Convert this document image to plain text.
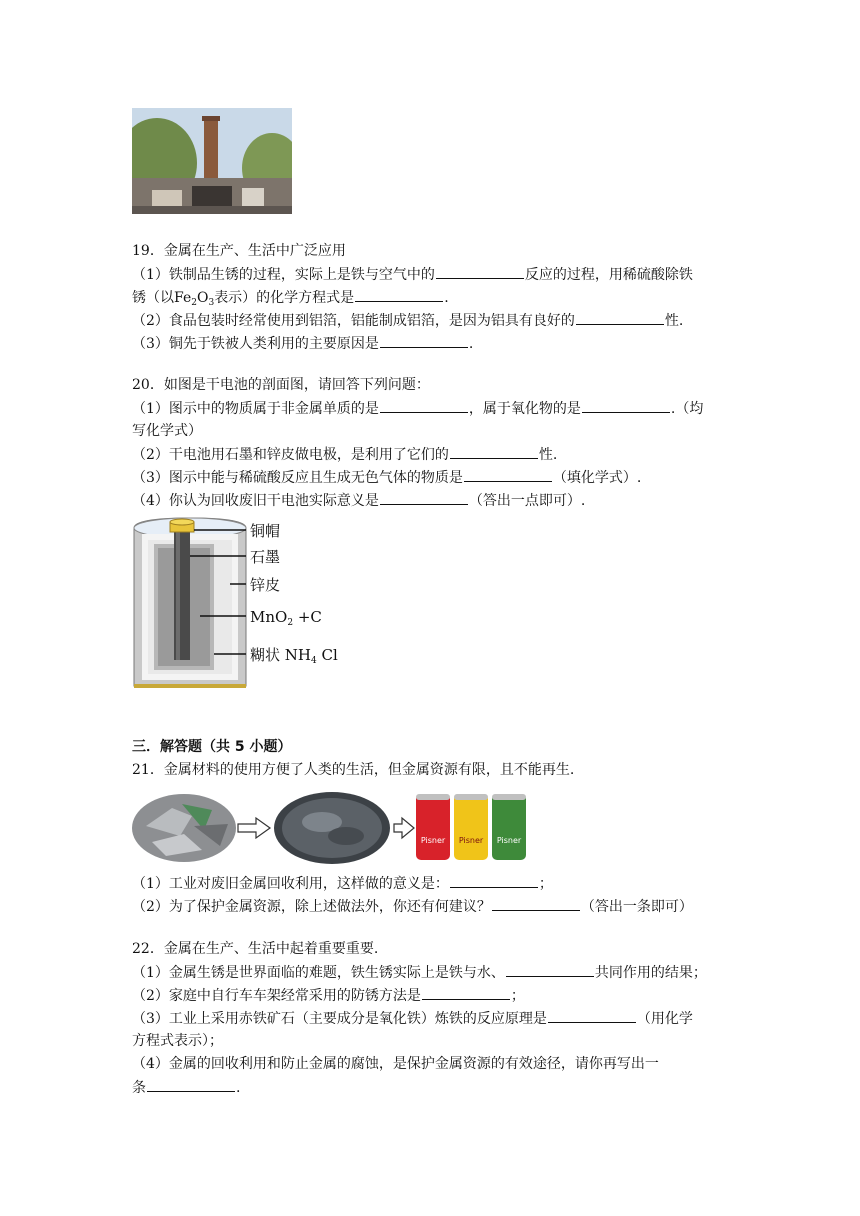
19．金属在生产、生活中广泛应用
（1）铁制品生锈的过程，实际上是铁与空气中的	反应的过程，用稀硫酸除铁
锈（以$Fe_2O_3$表示）的化学方程式是	.
（2）食品包装时经常使用到铝箔，铝能制成铝箔，是因为铝具有良好的	性.
（3）铜先于铁被人类利用的主要原因是	.
20．如图是干电池的剖面图，请回答下列问题：
（1）图示中的物质属于非金属单质的是	，属于氧化物的是	.（均
写化学式）
（2）干电池用石墨和锌皮做电极，是利用了它们的	性.
（3）图示中能与稀硫酸反应且生成无色气体的物质是	（填化学式）.
（4）你认为回收废旧干电池实际意义是	（答出一点即可）.
铜帽
石墨
锌皮
MnO$_2$ +C
糊状 $NH_4$ Cl
三．解答题（共 5 小题）
21．金属材料的使用方便了人类的生活，但金属资源有限，且不能再生.
Pisner	Pisner	Pisner
（1）工业对废旧金属回收利用，这样做的意义是：	；
（2）为了保护金属资源，除上述做法外，你还有何建议？	（答出一条即可）
22．金属在生产、生活中起着重要重要.
（1）金属生锈是世界面临的难题，铁生锈实际上是铁与水、	共同作用的结果；
（2）家庭中自行车车架经常采用的防锈方法是	；
（3）工业上采用赤铁矿石（主要成分是氧化铁）炼铁的反应原理是	（用化学
方程式表示）；
（4）金属的回收利用和防止金属的腐蚀，是保护金属资源的有效途径，请你再写出一
条	.
